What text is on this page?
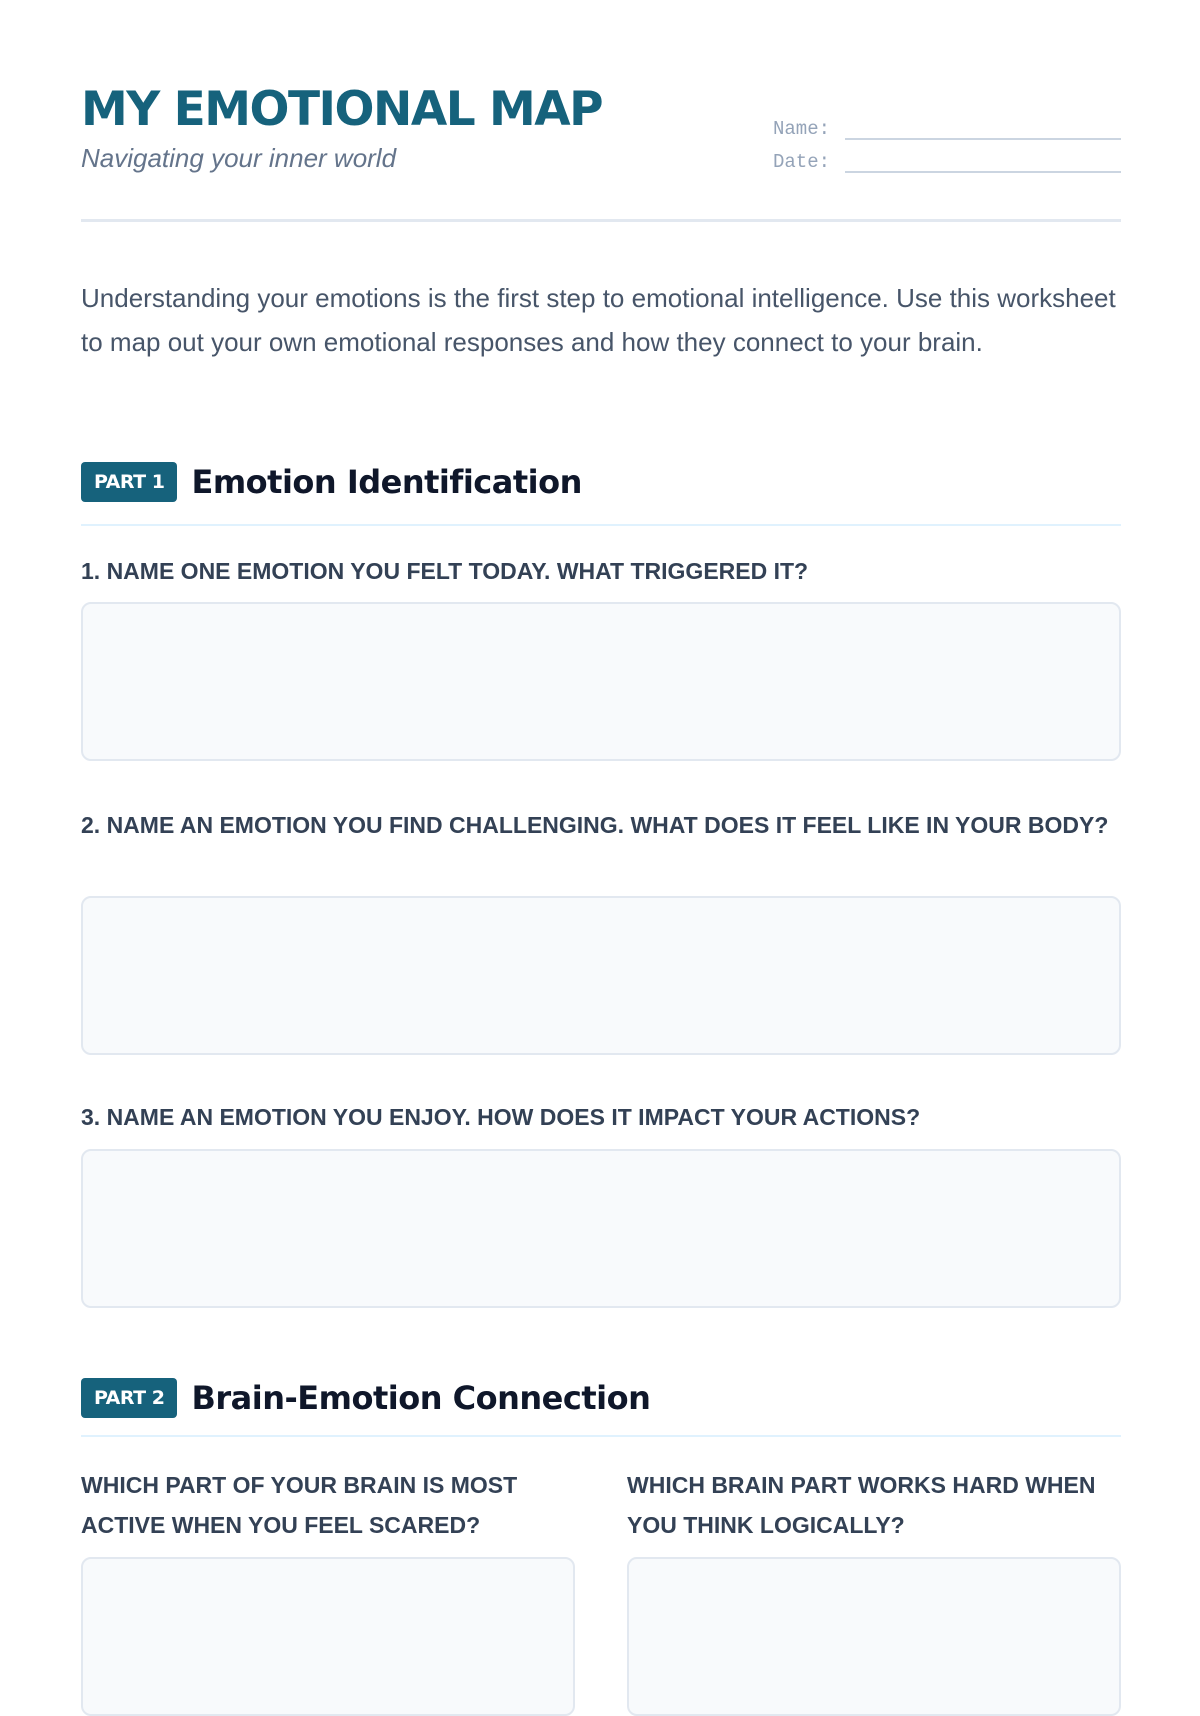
MY EMOTIONAL MAP
Navigating your inner world
Name:
Date:

Understanding your emotions is the first step to emotional intelligence. Use this worksheet to map out your own emotional responses and how they connect to your brain.

PART 1 Emotion Identification

1. NAME ONE EMOTION YOU FELT TODAY. WHAT TRIGGERED IT?

2. NAME AN EMOTION YOU FIND CHALLENGING. WHAT DOES IT FEEL LIKE IN YOUR BODY?

3. NAME AN EMOTION YOU ENJOY. HOW DOES IT IMPACT YOUR ACTIONS?

PART 2 Brain-Emotion Connection

WHICH PART OF YOUR BRAIN IS MOST ACTIVE WHEN YOU FEEL SCARED?

WHICH BRAIN PART WORKS HARD WHEN YOU THINK LOGICALLY?
